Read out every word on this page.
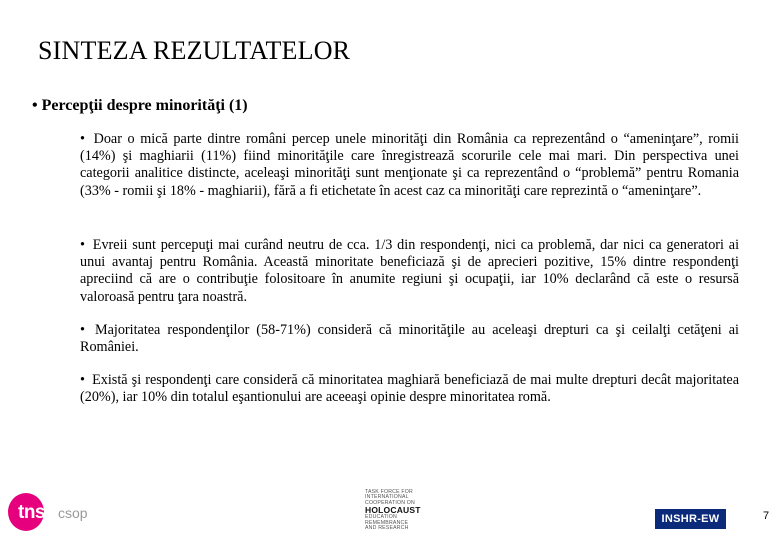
SINTEZA REZULTATELOR
• Percepţii despre minorităţi (1)

• Doar o mică parte dintre români percep unele minorităţi din România ca reprezentând o “ameninţare”, romii (14%) şi maghiarii (11%) fiind minorităţile care înregistrează scorurile cele mai mari. Din perspectiva unei categorii analitice distincte, aceleaşi minorităţi sunt menţionate şi ca reprezentând o “problemă” pentru Romania (33% - romii şi 18% - maghiarii), fără a fi etichetate în acest caz ca minorităţi care reprezintă o “ameninţare”.

• Evreii sunt percepuţi mai curând neutru de cca. 1/3 din respondenţi, nici ca problemă, dar nici ca generatori ai unui avantaj pentru România. Această minoritate beneficiază şi de aprecieri pozitive, 15% dintre respondenţi apreciind că are o contribuţie folositoare în anumite regiuni şi ocupaţii, iar 10% declarând că este o resursă valoroasă pentru ţara noastră.

• Majoritatea respondenţilor (58-71%) consideră că minorităţile au aceleaşi drepturi ca şi ceilalţi cetăţeni ai României.

• Există şi respondenţi care consideră că minoritatea maghiară beneficiază de mai multe drepturi decât majoritatea (20%), iar 10% din totalul eşantionului are aceeaşi opinie despre minoritatea romă.

tns csop
TASK FORCE FOR
INTERNATIONAL
COOPERATION ON
HOLOCAUST
EDUCATION
REMEMBRANCE
AND RESEARCH
INSHR-EW	7
